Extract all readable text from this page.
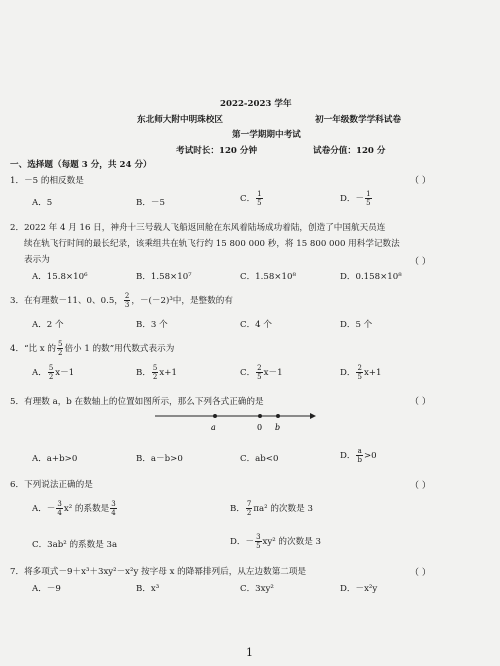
2022-2023 学年
东北师大附中明珠校区	初一年级数学学科试卷
第一学期期中考试
考试时长：120 分钟	试卷分值：120 分
一、选择题（每题 3 分，共 24 分）
1．－5 的相反数是	（ ）
A．5	B．－5	C． $\frac{1}{5}$	D．－ $\frac{1}{5}$
2．2022 年 4 月 16 日，神舟十三号载人飞船返回舱在东风着陆场成功着陆，创造了中国航天员连
续在轨飞行时间的最长纪录，该乘组共在轨飞行约 15 800 000 秒，将 15 800 000 用科学记数法
表示为	（ ）
A．15.8×10⁶	B．1.58×10⁷	C．1.58×10⁸	D．0.158×10⁸
3．在有理数－11、0、0.5， $\frac{2}{3}$ ，－(－2)³中，是整数的有
A．2 个	B．3 个	C．4 个	D．5 个
4．“比 x 的 $\frac{5}{2}$ 倍小 1 的数”用代数式表示为
A． $\frac{5}{2} x-1$	B． $\frac{5}{2} x+1$	C． $\frac{2}{5} x-1$	D． $\frac{2}{5} x+1$
5．有理数 a，b 在数轴上的位置如图所示，那么下列各式正确的是	（ ）
a	0 b
A．a+b>0	B．a－b>0	C．ab<0	D． $\frac{a}{b} >0$
6．下列说法正确的是	（ ）
A．－ $\frac{3}{4} x^2$ 的系数是 $\frac{3}{4}$	B． $\frac{7}{2} \pi a^2$ 的次数是 3
C．3ab² 的系数是 3a	D．－ $\frac{3}{5} xy^2$ 的次数是 3
7．将多项式－9＋x³＋3xy²－x²y 按字母 x 的降幂排列后，从左边数第二项是	（ ）
A．－9	B．x³	C．3xy²	D．－x²y
1
